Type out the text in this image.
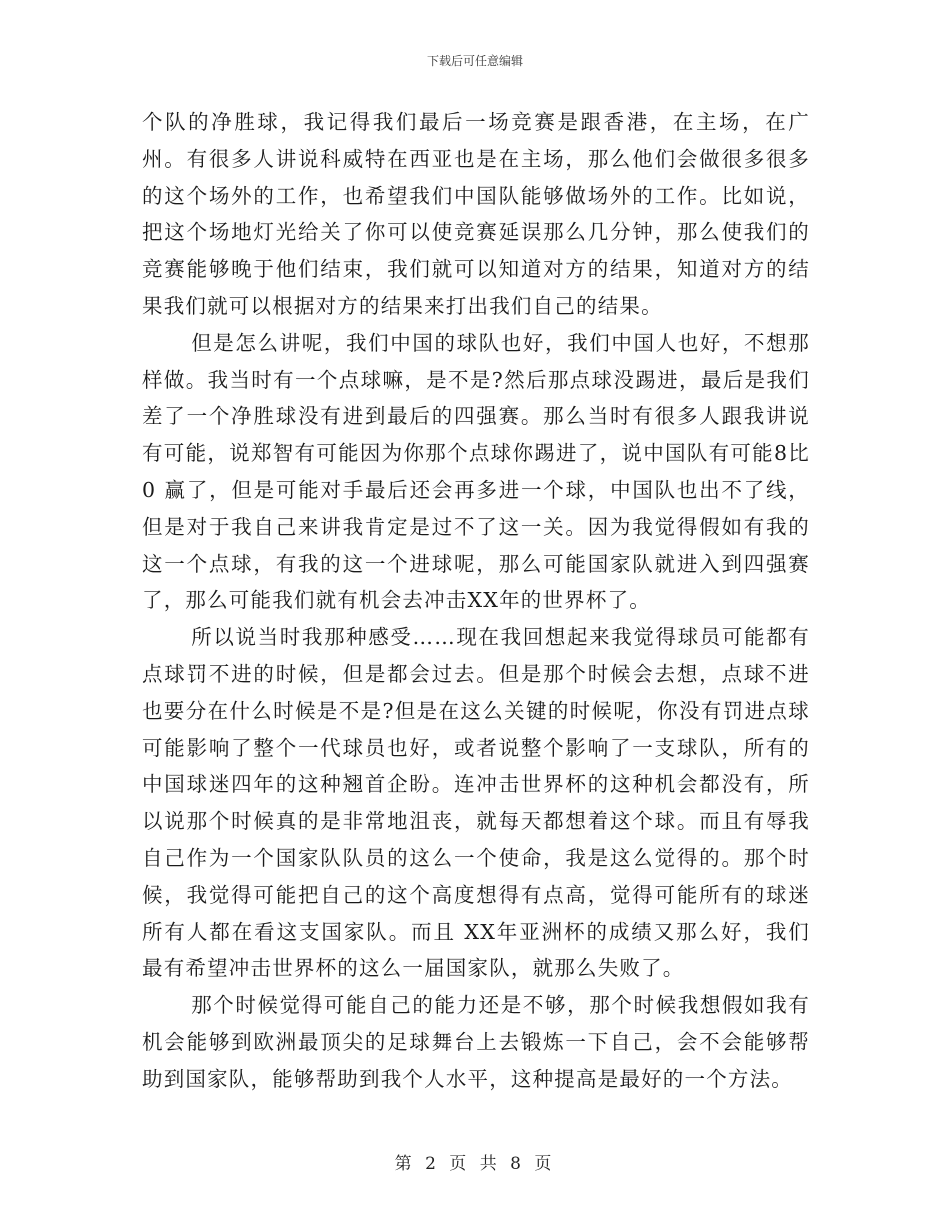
下载后可任意编辑

个队的净胜球，我记得我们最后一场竞赛是跟香港，在主场，在广州。有很多人讲说科威特在西亚也是在主场，那么他们会做很多很多的这个场外的工作，也希望我们中国队能够做场外的工作。比如说，把这个场地灯光给关了你可以使竞赛延误那么几分钟，那么使我们的竞赛能够晚于他们结束，我们就可以知道对方的结果，知道对方的结果我们就可以根据对方的结果来打出我们自己的结果。

但是怎么讲呢，我们中国的球队也好，我们中国人也好，不想那样做。我当时有一个点球嘛，是不是?然后那点球没踢进，最后是我们差了一个净胜球没有进到最后的四强赛。那么当时有很多人跟我讲说有可能，说郑智有可能因为你那个点球你踢进了，说中国队有可能8比0 赢了，但是可能对手最后还会再多进一个球，中国队也出不了线，但是对于我自己来讲我肯定是过不了这一关。因为我觉得假如有我的这一个点球，有我的这一个进球呢，那么可能国家队就进入到四强赛了，那么可能我们就有机会去冲击XX年的世界杯了。

所以说当时我那种感受……现在我回想起来我觉得球员可能都有点球罚不进的时候，但是都会过去。但是那个时候会去想，点球不进也要分在什么时候是不是?但是在这么关键的时候呢，你没有罚进点球可能影响了整个一代球员也好，或者说整个影响了一支球队，所有的中国球迷四年的这种翘首企盼。连冲击世界杯的这种机会都没有，所以说那个时候真的是非常地沮丧，就每天都想着这个球。而且有辱我自己作为一个国家队队员的这么一个使命，我是这么觉得的。那个时候，我觉得可能把自己的这个高度想得有点高，觉得可能所有的球迷所有人都在看这支国家队。而且 XX年亚洲杯的成绩又那么好，我们最有希望冲击世界杯的这么一届国家队，就那么失败了。

那个时候觉得可能自己的能力还是不够，那个时候我想假如我有机会能够到欧洲最顶尖的足球舞台上去锻炼一下自己，会不会能够帮助到国家队，能够帮助到我个人水平，这种提高是最好的一个方法。

第 2 页 共 8 页
